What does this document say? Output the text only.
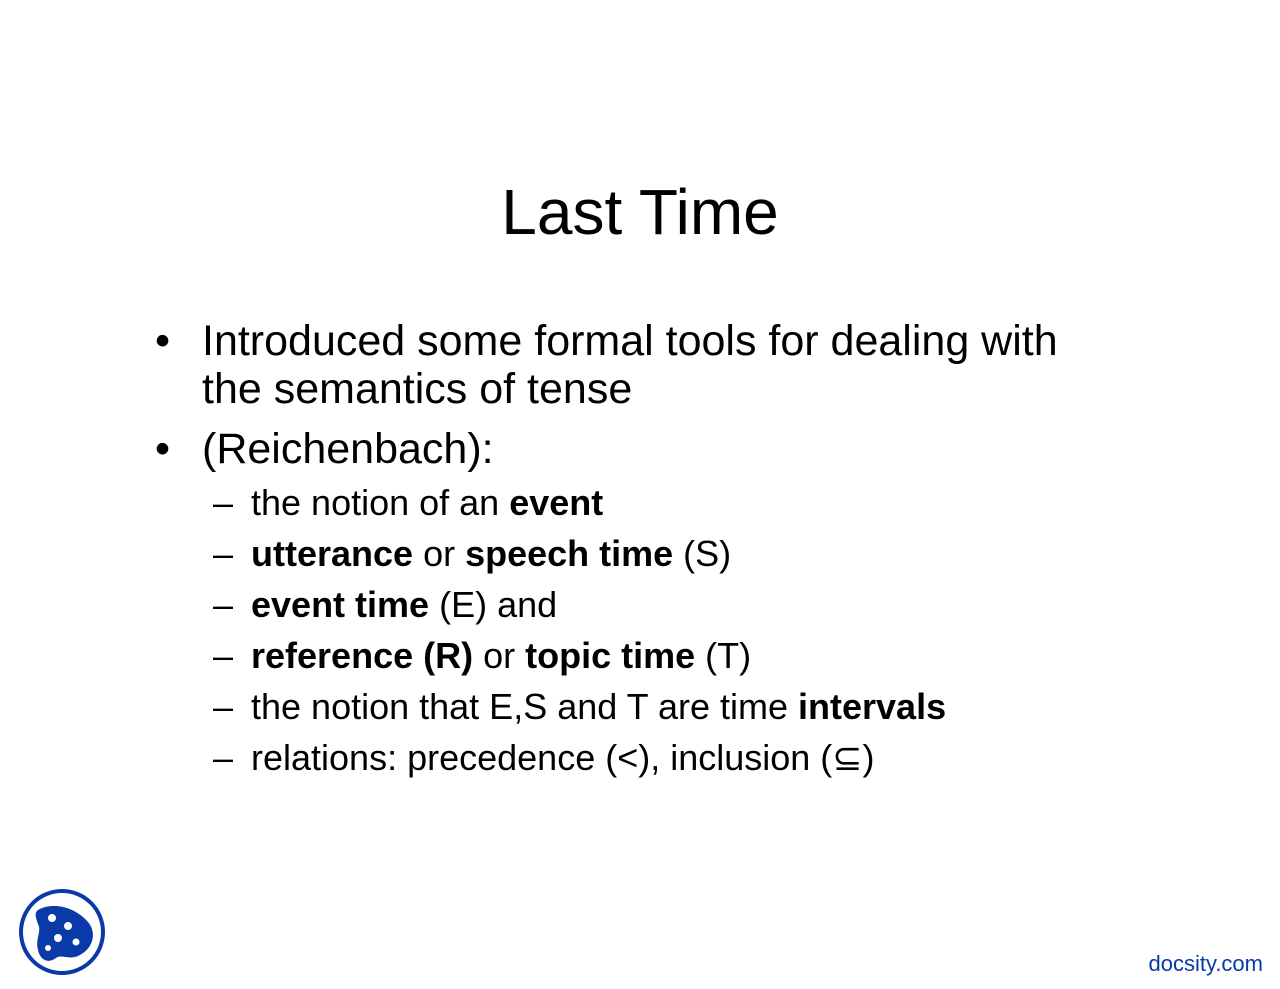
Last Time
• Introduced some formal tools for dealing with the semantics of tense
• (Reichenbach):
– the notion of an event
– utterance or speech time (S)
– event time (E) and
– reference (R) or topic time (T)
– the notion that E,S and T are time intervals
– relations: precedence (<), inclusion (⊆)
docsity.com
